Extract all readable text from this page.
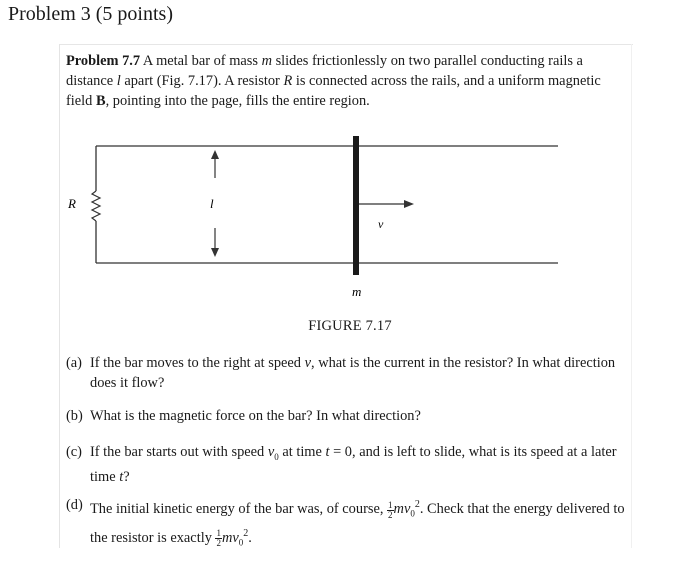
Problem 3 (5 points)
Problem 7.7 A metal bar of mass m slides frictionlessly on two parallel conducting rails a distance l apart (Fig. 7.17). A resistor R is connected across the rails, and a uniform magnetic field B, pointing into the page, fills the entire region.
R	l
v
m
FIGURE 7.17
(a) If the bar moves to the right at speed v, what is the current in the resistor? In what direction does it flow?
(b) What is the magnetic force on the bar? In what direction?
(c) If the bar starts out with speed $v_0$ at time t = 0, and is left to slide, what is its speed at a later time t?
(d) The initial kinetic energy of the bar was, of course, $\frac{1}{2} mv_0^2$. Check that the energy delivered to the resistor is exactly $\frac{1}{2} mv_0^2$.
